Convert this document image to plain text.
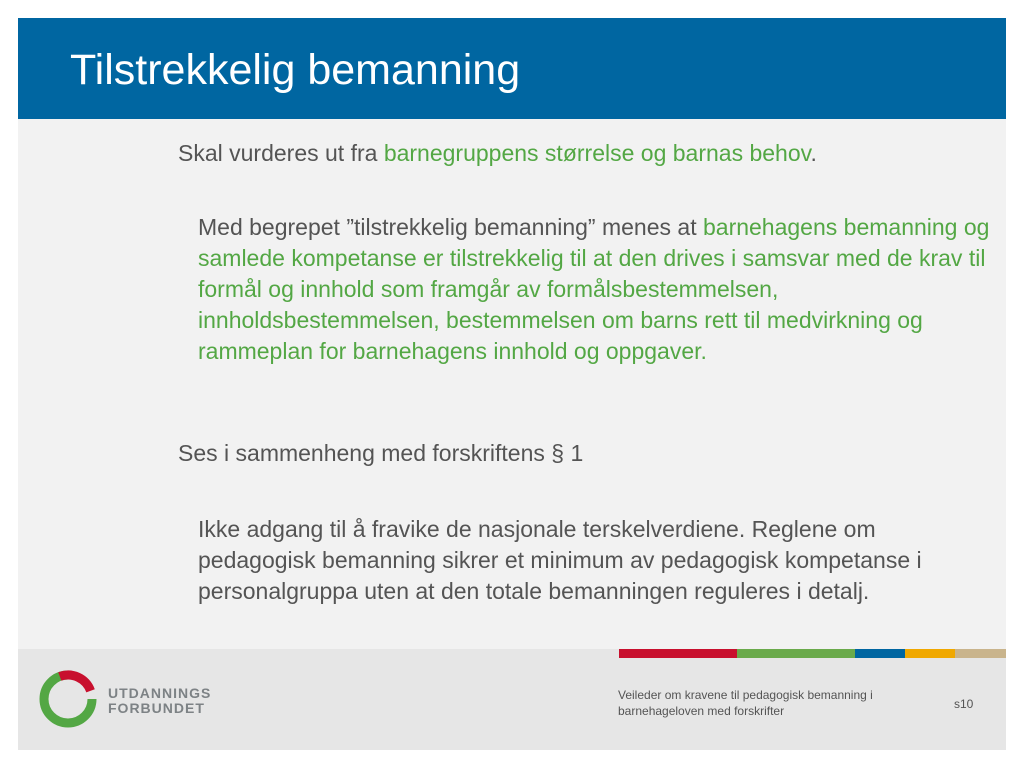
Tilstrekkelig bemanning

Skal vurderes ut fra barnegruppens størrelse og barnas behov.

Med begrepet ”tilstrekkelig bemanning” menes at barnehagens bemanning og samlede kompetanse er tilstrekkelig til at den drives i samsvar med de krav til formål og innhold som framgår av formålsbestemmelsen, innholdsbestemmelsen, bestemmelsen om barns rett til medvirkning og rammeplan for barnehagens innhold og oppgaver.

Ses i sammenheng med forskriftens § 1

Ikke adgang til å fravike de nasjonale terskelverdiene. Reglene om pedagogisk bemanning sikrer et minimum av pedagogisk kompetanse i personalgruppa uten at den totale bemanningen reguleres i detalj.

UTDANNINGS
FORBUNDET
Veileder om kravene til pedagogisk bemanning i barnehageloven med forskrifter	s10
